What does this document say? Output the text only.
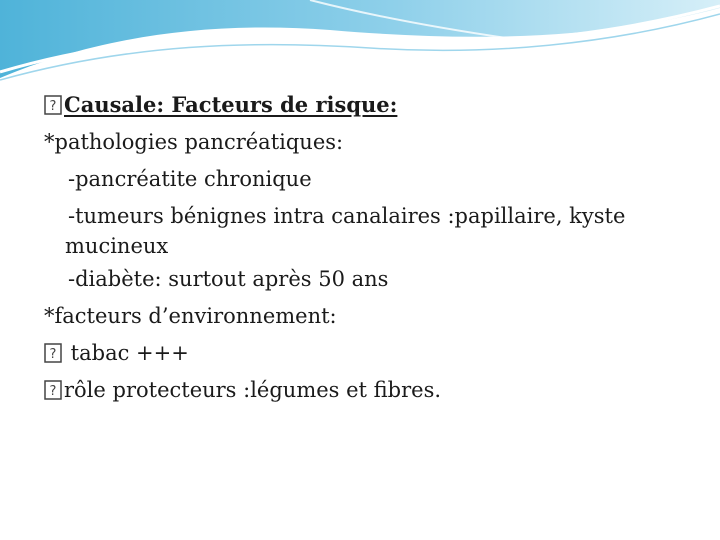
? Causale: Facteurs de risque:
*pathologies pancréatiques:
-pancréatite chronique
-tumeurs bénignes intra canalaires :papillaire, kyste
mucineux
-diabète: surtout après 50 ans
*facteurs d’environnement:
? tabac +++
? rôle protecteurs :légumes et fibres.
